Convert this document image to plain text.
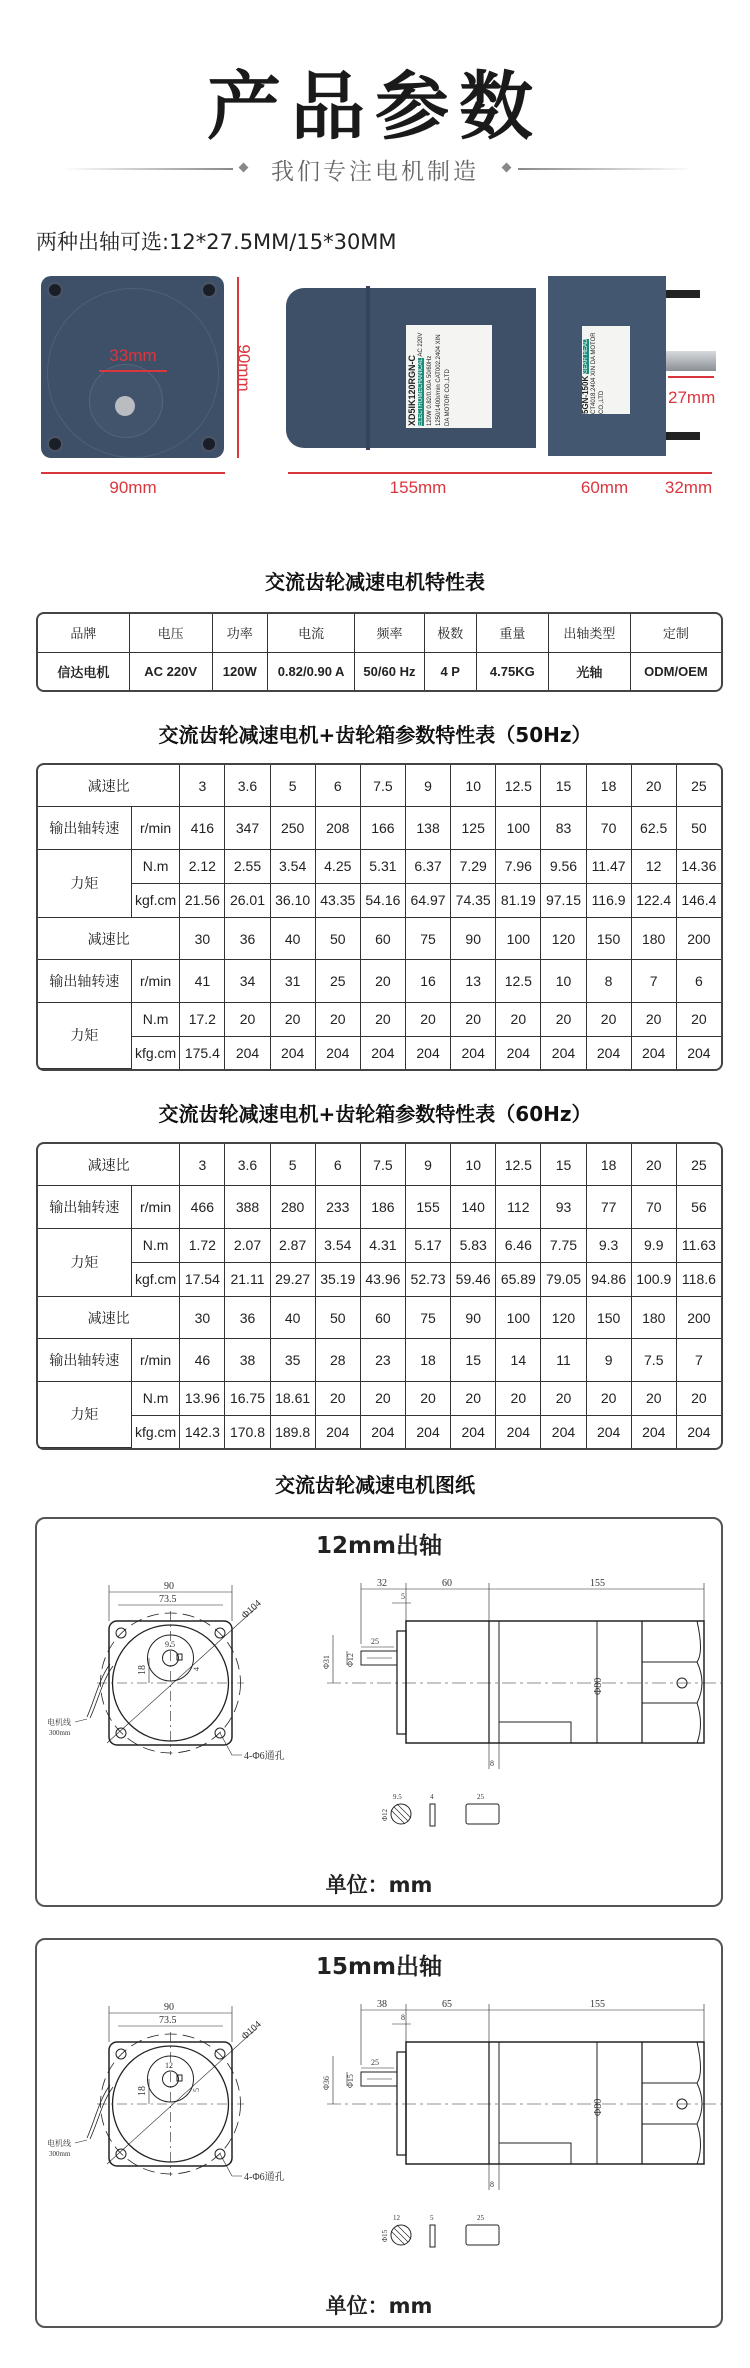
产品参数
我们专注电机制造
两种出轴可选:12*27.5MM/15*30MM
33mm	90mm
90mm
XD5IK120RGN-C ELECTROMECHANICAL AC 220V 120W 0.82/0.90A 50/60Hz 1250/1400r/min CAT002.2404 XIN DA MOTOR CO.,LTD	5GN-150K GEAR HEAD CT4018.2404 XIN DA MOTOR CO.,LTD	27mm
155mm	60mm	32mm
交流齿轮减速电机特性表
品牌	电压	功率	电流	频率	极数	重量	出轴类型	定制
信达电机	AC 220V	120W	0.82/0.90 A	50/60 Hz	4 P	4.75KG	光轴	ODM/OEM
交流齿轮减速电机+齿轮箱参数特性表（50Hz）
减速比		3	3.6	5	6	7.5	9	10	12.5	15	18	20	25
输出轴转速	r/min	416	347	250	208	166	138	125	100	83	70	62.5	50
力矩	N.m	2.12	2.55	3.54	4.25	5.31	6.37	7.29	7.96	9.56	11.47	12	14.36
	kgf.cm	21.56	26.01	36.10	43.35	54.16	64.97	74.35	81.19	97.15	116.9	122.4	146.4
减速比		30	36	40	50	60	75	90	100	120	150	180	200
输出轴转速	r/min	41	34	31	25	20	16	13	12.5	10	8	7	6
力矩	N.m	17.2	20	20	20	20	20	20	20	20	20	20	20
	kfg.cm	175.4	204	204	204	204	204	204	204	204	204	204	204
交流齿轮减速电机+齿轮箱参数特性表（60Hz）
减速比		3	3.6	5	6	7.5	9	10	12.5	15	18	20	25
输出轴转速	r/min	466	388	280	233	186	155	140	112	93	77	70	56
力矩	N.m	1.72	2.07	2.87	3.54	4.31	5.17	5.83	6.46	7.75	9.3	9.9	11.63
	kgf.cm	17.54	21.11	29.27	35.19	43.96	52.73	59.46	65.89	79.05	94.86	100.9	118.6
减速比		30	36	40	50	60	75	90	100	120	150	180	200
输出轴转速	r/min	46	38	35	28	23	18	15	14	11	9	7.5	7
力矩	N.m	13.96	16.75	18.61	20	20	20	20	20	20	20	20	20
	kfg.cm	142.3	170.8	189.8	204	204	204	204	204	204	204	204	204
交流齿轮减速电机图纸
12mm出轴
90
73.5	Φ104
9.5
18	4
电机线
300mm
4-Φ6通孔
32	60	155
5
25
Φ31 Φ12
Φ80
8
9.5
Φ12
4	25
单位：mm
15mm出轴
90
73.5	Φ104
12
18	5
电机线
300mm
4-Φ6通孔
38	65	155
8
25
Φ36 Φ15
Φ80
8
12
Φ15
5	25
单位：mm
